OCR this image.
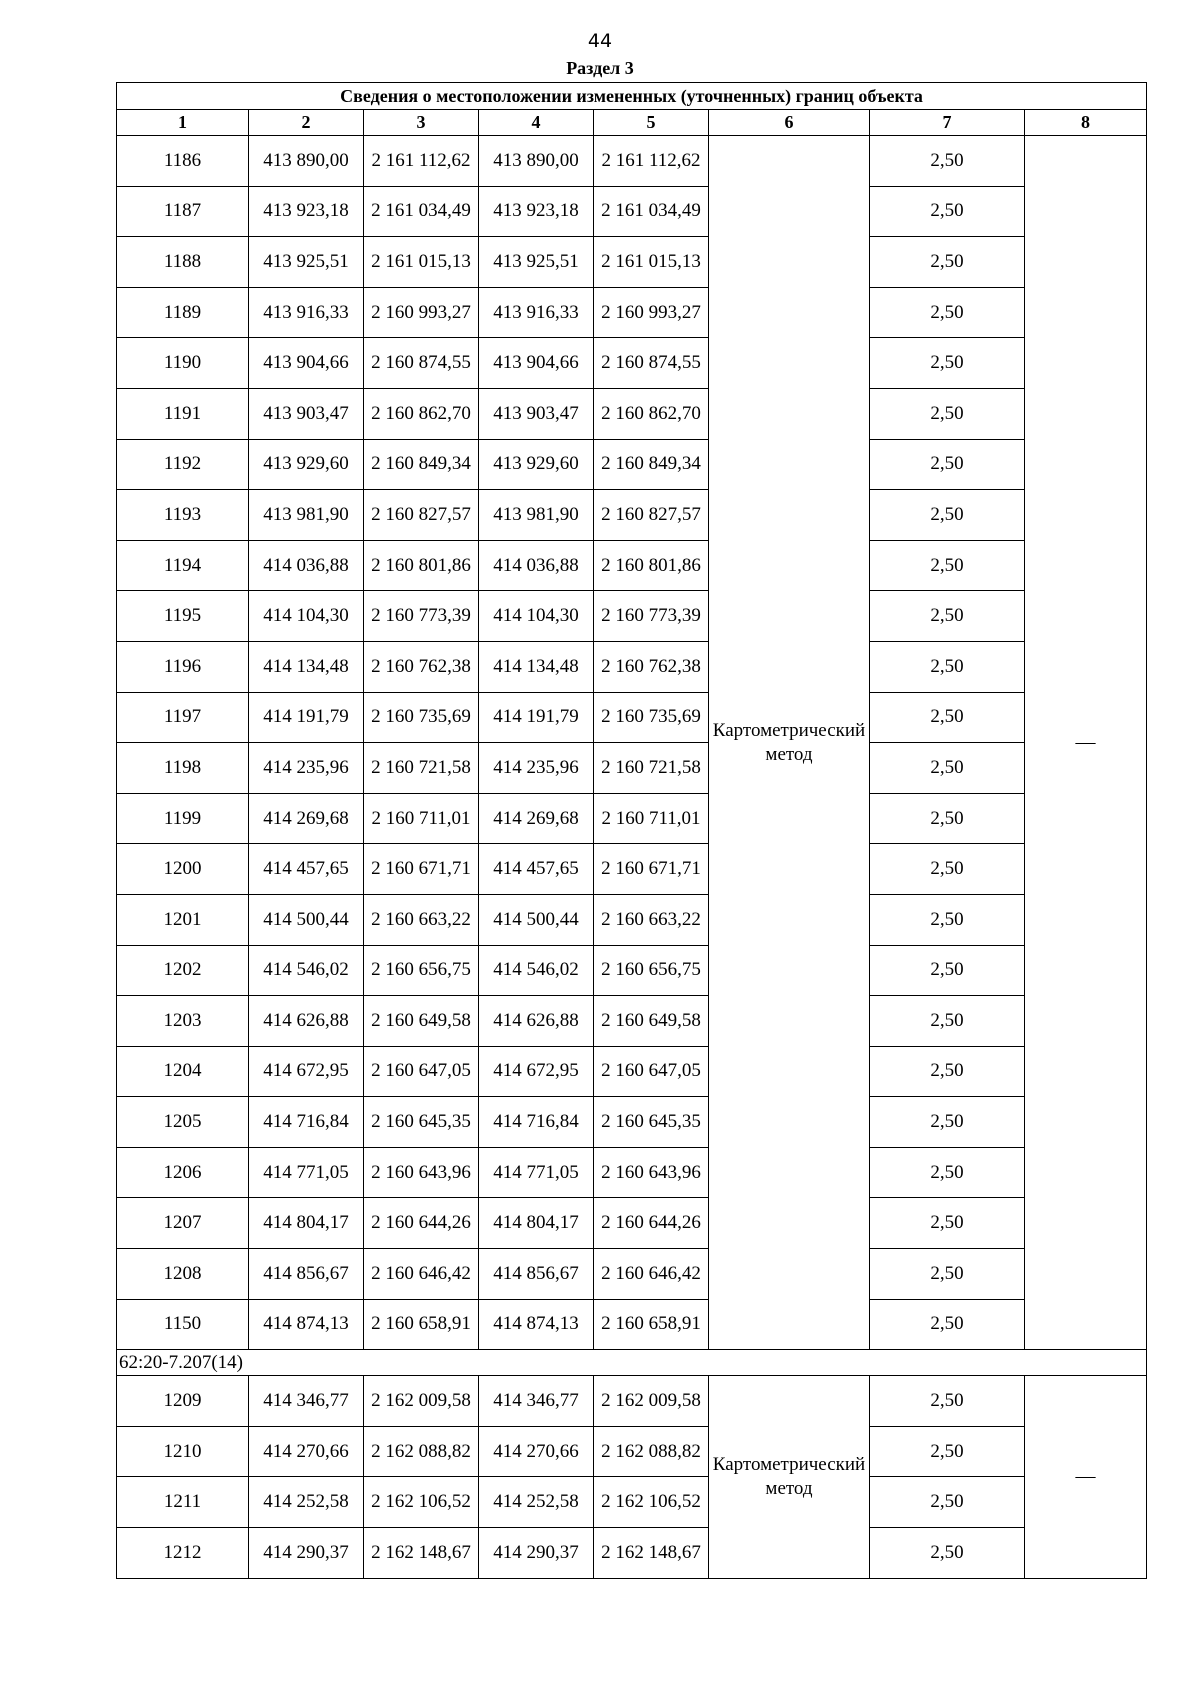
44
Раздел 3
Сведения о местоположении измененных (уточненных) границ объекта							
1	2	3	4	5	6	7	8
1186	413 890,00	2 161 112,62	413 890,00	2 161 112,62	Картометрический метод	2,50	—
1187	413 923,18	2 161 034,49	413 923,18	2 161 034,49		2,50	
1188	413 925,51	2 161 015,13	413 925,51	2 161 015,13		2,50	
1189	413 916,33	2 160 993,27	413 916,33	2 160 993,27		2,50	
1190	413 904,66	2 160 874,55	413 904,66	2 160 874,55		2,50	
1191	413 903,47	2 160 862,70	413 903,47	2 160 862,70		2,50	
1192	413 929,60	2 160 849,34	413 929,60	2 160 849,34		2,50	
1193	413 981,90	2 160 827,57	413 981,90	2 160 827,57		2,50	
1194	414 036,88	2 160 801,86	414 036,88	2 160 801,86		2,50	
1195	414 104,30	2 160 773,39	414 104,30	2 160 773,39		2,50	
1196	414 134,48	2 160 762,38	414 134,48	2 160 762,38		2,50	
1197	414 191,79	2 160 735,69	414 191,79	2 160 735,69		2,50	
1198	414 235,96	2 160 721,58	414 235,96	2 160 721,58		2,50	
1199	414 269,68	2 160 711,01	414 269,68	2 160 711,01		2,50	
1200	414 457,65	2 160 671,71	414 457,65	2 160 671,71		2,50	
1201	414 500,44	2 160 663,22	414 500,44	2 160 663,22		2,50	
1202	414 546,02	2 160 656,75	414 546,02	2 160 656,75		2,50	
1203	414 626,88	2 160 649,58	414 626,88	2 160 649,58		2,50	
1204	414 672,95	2 160 647,05	414 672,95	2 160 647,05		2,50	
1205	414 716,84	2 160 645,35	414 716,84	2 160 645,35		2,50	
1206	414 771,05	2 160 643,96	414 771,05	2 160 643,96		2,50	
1207	414 804,17	2 160 644,26	414 804,17	2 160 644,26		2,50	
1208	414 856,67	2 160 646,42	414 856,67	2 160 646,42		2,50	
1150	414 874,13	2 160 658,91	414 874,13	2 160 658,91		2,50	
62:20-7.207(14)							
1209	414 346,77	2 162 009,58	414 346,77	2 162 009,58	Картометрический метод	2,50	—
1210	414 270,66	2 162 088,82	414 270,66	2 162 088,82		2,50	
1211	414 252,58	2 162 106,52	414 252,58	2 162 106,52		2,50	
1212	414 290,37	2 162 148,67	414 290,37	2 162 148,67		2,50	
